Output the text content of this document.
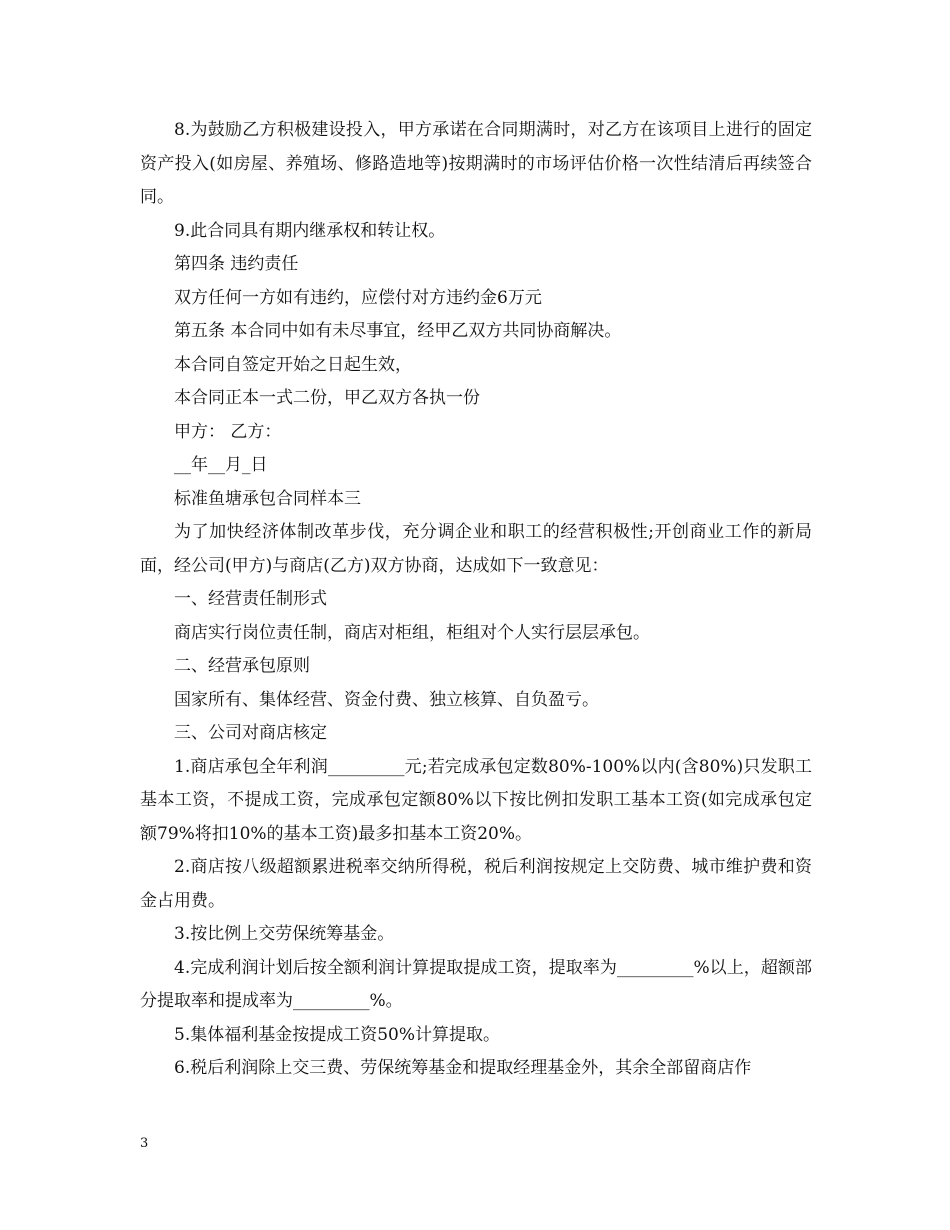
8.为鼓励乙方积极建设投入，甲方承诺在合同期满时，对乙方在该项目上进行的固定资产投入(如房屋、养殖场、修路造地等)按期满时的市场评估价格一次性结清后再续签合同。

9.此合同具有期内继承权和转让权。

第四条 违约责任

双方任何一方如有违约，应偿付对方违约金6万元

第五条 本合同中如有未尽事宜，经甲乙双方共同协商解决。

本合同自签定开始之日起生效，

本合同正本一式二份，甲乙双方各执一份

甲方： 乙方：

__年__月_日

标准鱼塘承包合同样本三

为了加快经济体制改革步伐，充分调企业和职工的经营积极性;开创商业工作的新局面，经公司(甲方)与商店(乙方)双方协商，达成如下一致意见：

一、经营责任制形式

商店实行岗位责任制，商店对柜组，柜组对个人实行层层承包。

二、经营承包原则

国家所有、集体经营、资金付费、独立核算、自负盈亏。

三、公司对商店核定

1.商店承包全年利润_________元;若完成承包定数80%-100%以内(含80%)只发职工基本工资，不提成工资，完成承包定额80%以下按比例扣发职工基本工资(如完成承包定额79%将扣10%的基本工资)最多扣基本工资20%。

2.商店按八级超额累进税率交纳所得税，税后利润按规定上交防费、城市维护费和资金占用费。

3.按比例上交劳保统筹基金。

4.完成利润计划后按全额利润计算提取提成工资，提取率为_________%以上，超额部分提取率和提成率为_________%。

5.集体福利基金按提成工资50%计算提取。

6.税后利润除上交三费、劳保统筹基金和提取经理基金外，其余全部留商店作

3
